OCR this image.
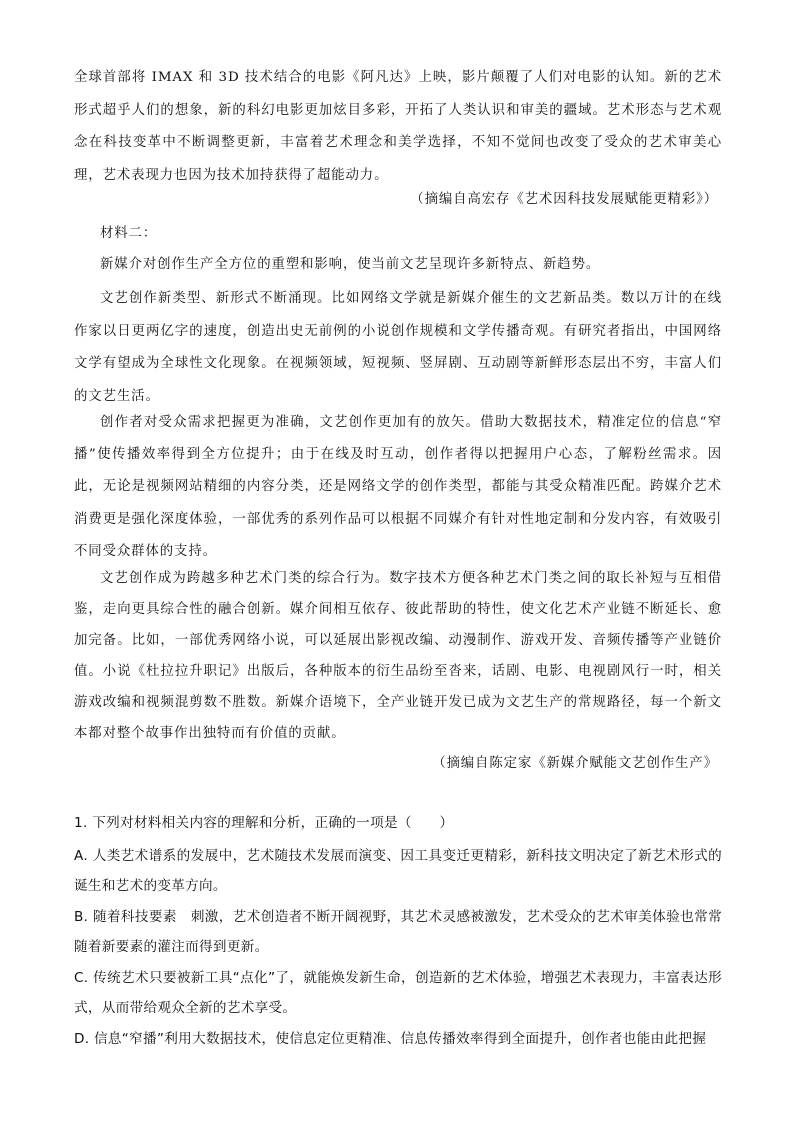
全球首部将 IMAX 和 3D 技术结合的电影《阿凡达》上映，影片颠覆了人们对电影的认知。新的艺术形式超乎人们的想象，新的科幻电影更加炫目多彩，开拓了人类认识和审美的疆域。艺术形态与艺术观念在科技变革中不断调整更新，丰富着艺术理念和美学选择，不知不觉间也改变了受众的艺术审美心理，艺术表现力也因为技术加持获得了超能动力。

（摘编自高宏存《艺术因科技发展赋能更精彩》）

材料二：

新媒介对创作生产全方位的重塑和影响，使当前文艺呈现许多新特点、新趋势。

文艺创作新类型、新形式不断涌现。比如网络文学就是新媒介催生的文艺新品类。数以万计的在线作家以日更两亿字的速度，创造出史无前例的小说创作规模和文学传播奇观。有研究者指出，中国网络文学有望成为全球性文化现象。在视频领域，短视频、竖屏剧、互动剧等新鲜形态层出不穷，丰富人们的文艺生活。

创作者对受众需求把握更为准确，文艺创作更加有的放矢。借助大数据技术，精准定位的信息“窄播”使传播效率得到全方位提升；由于在线及时互动，创作者得以把握用户心态，了解粉丝需求。因此，无论是视频网站精细的内容分类，还是网络文学的创作类型，都能与其受众精准匹配。跨媒介艺术消费更是强化深度体验，一部优秀的系列作品可以根据不同媒介有针对性地定制和分发内容，有效吸引不同受众群体的支持。

文艺创作成为跨越多种艺术门类的综合行为。数字技术方便各种艺术门类之间的取长补短与互相借鉴，走向更具综合性的融合创新。媒介间相互依存、彼此帮助的特性，使文化艺术产业链不断延长、愈加完备。比如，一部优秀网络小说，可以延展出影视改编、动漫制作、游戏开发、音频传播等产业链价值。小说《杜拉拉升职记》出版后，各种版本的衍生品纷至沓来，话剧、电影、电视剧风行一时，相关游戏改编和视频混剪数不胜数。新媒介语境下，全产业链开发已成为文艺生产的常规路径，每一个新文本都对整个故事作出独特而有价值的贡献。

（摘编自陈定家《新媒介赋能文艺创作生产》

1. 下列对材料相关内容的理解和分析，正确的一项是（　　）

A. 人类艺术谱系的发展中，艺术随技术发展而演变、因工具变迁更精彩，新科技文明决定了新艺术形式的诞生和艺术的变革方向。

B. 随着科技要素　刺激，艺术创造者不断开阔视野，其艺术灵感被激发，艺术受众的艺术审美体验也常常随着新要素的灌注而得到更新。

C. 传统艺术只要被新工具“点化”了，就能焕发新生命，创造新的艺术体验，增强艺术表现力，丰富表达形式，从而带给观众全新的艺术享受。

D. 信息“窄播”利用大数据技术，使信息定位更精准、信息传播效率得到全面提升，创作者也能由此把握
